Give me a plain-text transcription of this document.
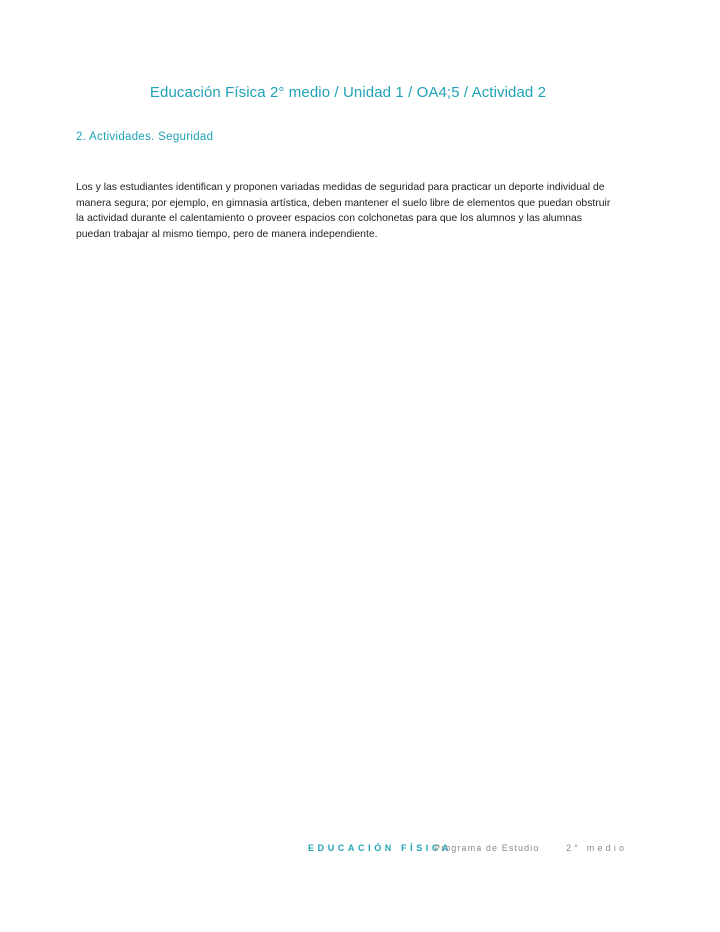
Educación Física 2° medio / Unidad 1 / OA4;5 / Actividad 2
2. Actividades. Seguridad

Los y las estudiantes identifican y proponen variadas medidas de seguridad para practicar un deporte individual de manera segura; por ejemplo, en gimnasia artística, deben mantener el suelo libre de elementos que puedan obstruir la actividad durante el calentamiento o proveer espacios con colchonetas para que los alumnos y las alumnas puedan trabajar al mismo tiempo, pero de manera independiente.

EDUCACIÓN FÍSICA
Programa de Estudio	2° medio
